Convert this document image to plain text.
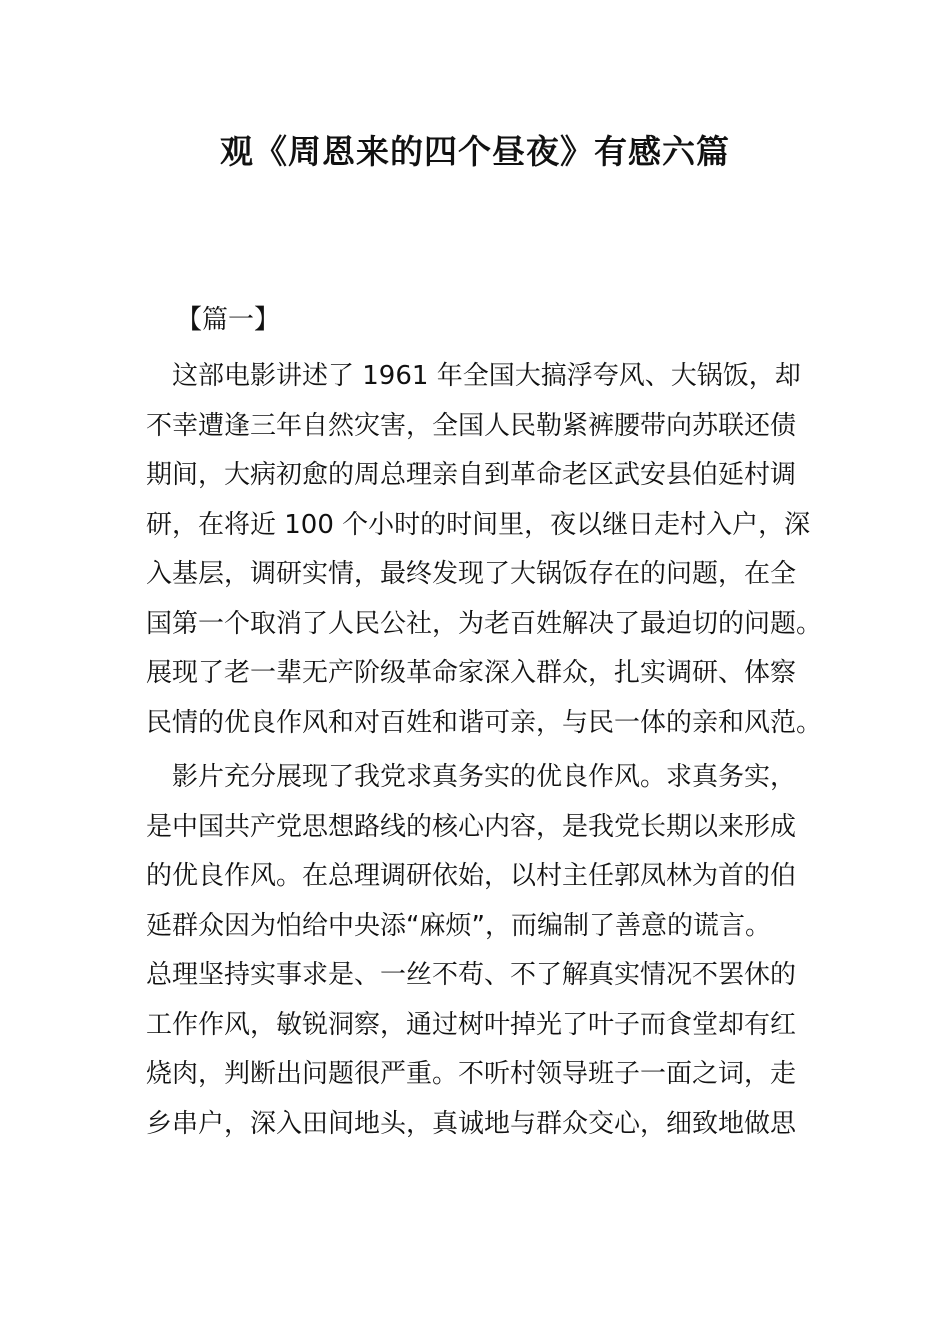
观《周恩来的四个昼夜》有感六篇
【篇一】
　这部电影讲述了 1961 年全国大搞浮夸风、大锅饭，却
不幸遭逢三年自然灾害，全国人民勒紧裤腰带向苏联还债
期间，大病初愈的周总理亲自到革命老区武安县伯延村调
研，在将近 100 个小时的时间里，夜以继日走村入户，深
入基层，调研实情，最终发现了大锅饭存在的问题，在全
国第一个取消了人民公社，为老百姓解决了最迫切的问题。
展现了老一辈无产阶级革命家深入群众，扎实调研、体察
民情的优良作风和对百姓和谐可亲，与民一体的亲和风范。
　影片充分展现了我党求真务实的优良作风。求真务实，
是中国共产党思想路线的核心内容，是我党长期以来形成
的优良作风。在总理调研依始，以村主任郭凤林为首的伯
延群众因为怕给中央添“麻烦”，而编制了善意的谎言。
总理坚持实事求是、一丝不苟、不了解真实情况不罢休的
工作作风，敏锐洞察，通过树叶掉光了叶子而食堂却有红
烧肉，判断出问题很严重。不听村领导班子一面之词，走
乡串户，深入田间地头，真诚地与群众交心，细致地做思
